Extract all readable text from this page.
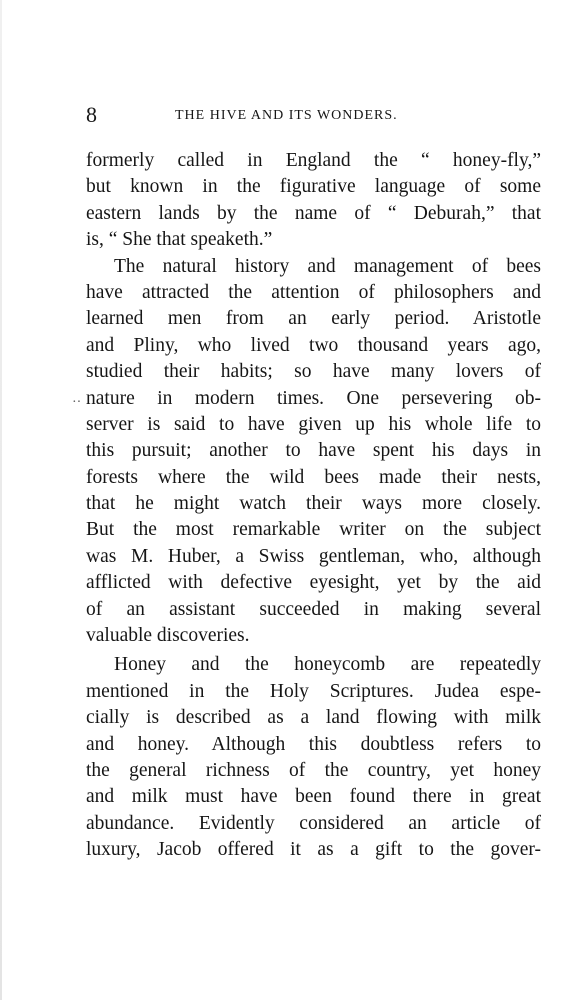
8	THE HIVE AND ITS WONDERS.
··
formerly called in England the “ honey-fly,”
but known in the figurative language of some
eastern lands by the name of “ Deburah,” that
is, “ She that speaketh.”
The natural history and management of bees
have attracted the attention of philosophers and
learned men from an early period. Aristotle
and Pliny, who lived two thousand years ago,
studied their habits; so have many lovers of
nature in modern times. One persevering ob-
server is said to have given up his whole life to
this pursuit; another to have spent his days in
forests where the wild bees made their nests,
that he might watch their ways more closely.
But the most remarkable writer on the subject
was M. Huber, a Swiss gentleman, who, although
afflicted with defective eyesight, yet by the aid
of an assistant succeeded in making several
valuable discoveries.
Honey and the honeycomb are repeatedly
mentioned in the Holy Scriptures. Judea espe-
cially is described as a land flowing with milk
and honey. Although this doubtless refers to
the general richness of the country, yet honey
and milk must have been found there in great
abundance. Evidently considered an article of
luxury, Jacob offered it as a gift to the gover-
